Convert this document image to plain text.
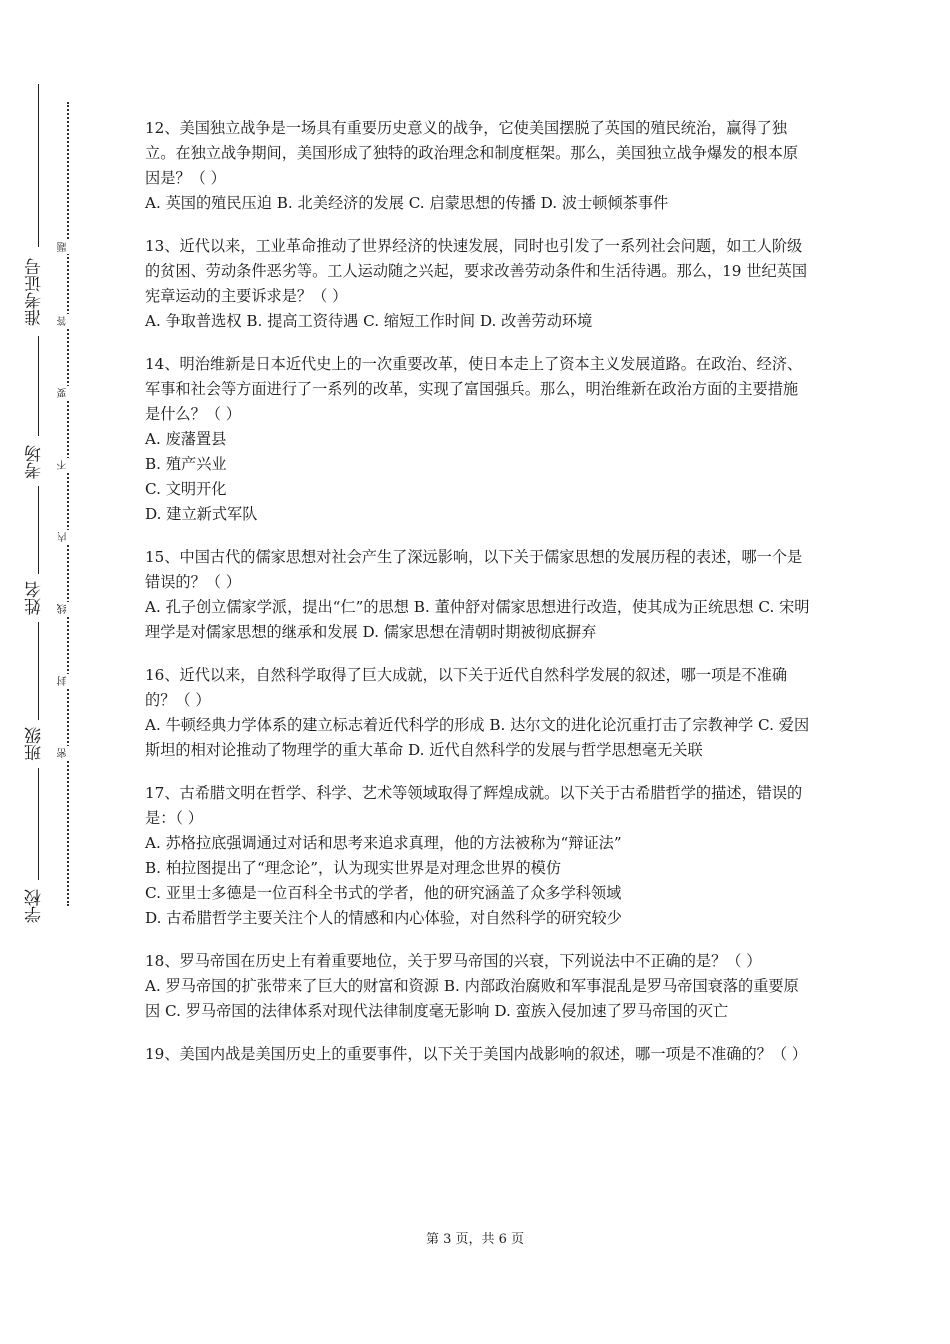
准考证号
考场
姓名
班级
学校
题
答
要
不
内
线
封
密

12、美国独立战争是一场具有重要历史意义的战争，它使美国摆脱了英国的殖民统治，赢得了独立。在独立战争期间，美国形成了独特的政治理念和制度框架。那么，美国独立战争爆发的根本原因是？（ ）

A. 英国的殖民压迫 B. 北美经济的发展 C. 启蒙思想的传播 D. 波士顿倾茶事件

13、近代以来，工业革命推动了世界经济的快速发展，同时也引发了一系列社会问题，如工人阶级的贫困、劳动条件恶劣等。工人运动随之兴起，要求改善劳动条件和生活待遇。那么，19 世纪英国宪章运动的主要诉求是？（ ）

A. 争取普选权 B. 提高工资待遇 C. 缩短工作时间 D. 改善劳动环境

14、明治维新是日本近代史上的一次重要改革，使日本走上了资本主义发展道路。在政治、经济、军事和社会等方面进行了一系列的改革，实现了富国强兵。那么，明治维新在政治方面的主要措施是什么？（ ）

A. 废藩置县

B. 殖产兴业

C. 文明开化

D. 建立新式军队

15、中国古代的儒家思想对社会产生了深远影响，以下关于儒家思想的发展历程的表述，哪一个是错误的？（ ）

A. 孔子创立儒家学派，提出“仁”的思想 B. 董仲舒对儒家思想进行改造，使其成为正统思想 C. 宋明理学是对儒家思想的继承和发展 D. 儒家思想在清朝时期被彻底摒弃

16、近代以来，自然科学取得了巨大成就，以下关于近代自然科学发展的叙述，哪一项是不准确的？（ ）

A. 牛顿经典力学体系的建立标志着近代科学的形成 B. 达尔文的进化论沉重打击了宗教神学 C. 爱因斯坦的相对论推动了物理学的重大革命 D. 近代自然科学的发展与哲学思想毫无关联

17、古希腊文明在哲学、科学、艺术等领域取得了辉煌成就。以下关于古希腊哲学的描述，错误的是：（ ）

A. 苏格拉底强调通过对话和思考来追求真理，他的方法被称为“辩证法”

B. 柏拉图提出了“理念论”，认为现实世界是对理念世界的模仿

C. 亚里士多德是一位百科全书式的学者，他的研究涵盖了众多学科领域

D. 古希腊哲学主要关注个人的情感和内心体验，对自然科学的研究较少

18、罗马帝国在历史上有着重要地位，关于罗马帝国的兴衰，下列说法中不正确的是？（ ）

A. 罗马帝国的扩张带来了巨大的财富和资源 B. 内部政治腐败和军事混乱是罗马帝国衰落的重要原因 C. 罗马帝国的法律体系对现代法律制度毫无影响 D. 蛮族入侵加速了罗马帝国的灭亡

19、美国内战是美国历史上的重要事件，以下关于美国内战影响的叙述，哪一项是不准确的？（ ）

第 3 页，共 6 页
